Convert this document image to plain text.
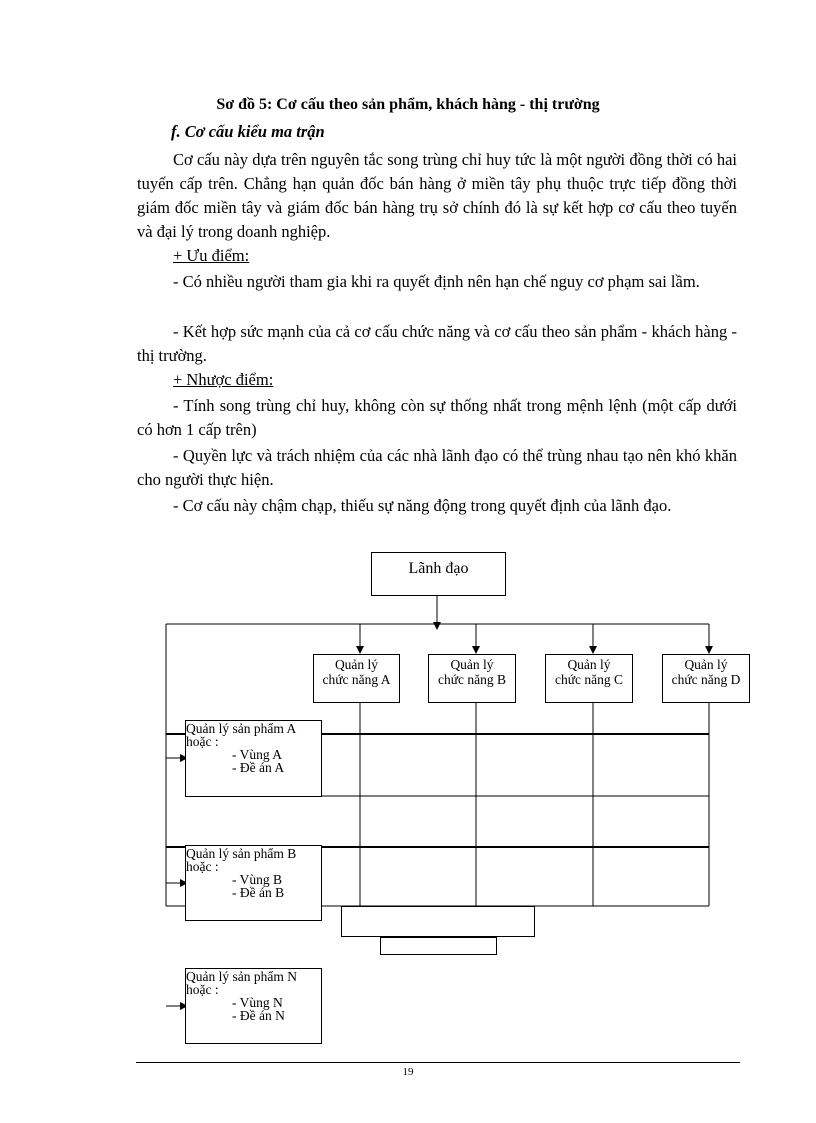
Sơ đồ 5: Cơ cấu theo sản phẩm, khách hàng - thị trường
f. Cơ cấu kiểu ma trận
Cơ cấu này dựa trên nguyên tắc song trùng chỉ huy tức là một người đồng thời có hai tuyến cấp trên. Chẳng hạn quản đốc bán hàng ở miền tây phụ thuộc trực tiếp đồng thời giám đốc miền tây và giám đốc bán hàng trụ sở chính đó là sự kết hợp cơ cấu theo tuyến và đại lý trong doanh nghiệp.
+ Ưu điểm:
- Có nhiều người tham gia khi ra quyết định nên hạn chế nguy cơ phạm sai lầm.
- Kết hợp sức mạnh của cả cơ cấu chức năng và cơ cấu theo sản phẩm - khách hàng - thị trường.
+ Nhược điểm:
- Tính song trùng chỉ huy, không còn sự thống nhất trong mệnh lệnh (một cấp dưới có hơn 1 cấp trên)
- Quyền lực và trách nhiệm của các nhà lãnh đạo có thể trùng nhau tạo nên khó khăn cho người thực hiện.
- Cơ cấu này chậm chạp, thiếu sự năng động trong quyết định của lãnh đạo.
Lãnh đạo
Quản lý
chức năng A
Quản lý
chức năng B
Quản lý
chức năng C
Quản lý
chức năng D
Quản lý sản phẩm A
hoặc :
- Vùng A
- Đề án A
Quản lý sản phẩm B
hoặc :
- Vùng B
- Đề án B
Quản lý sản phẩm N
hoặc :
- Vùng N
- Đề án N
19
